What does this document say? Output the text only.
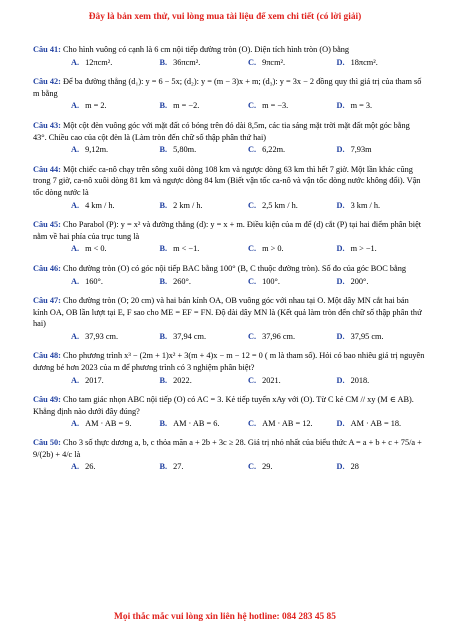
Đây là bản xem thử, vui lòng mua tài liệu để xem chi tiết (có lời giải)
Câu 41: Cho hình vuông có cạnh là 6 cm nội tiếp đường tròn (O). Diện tích hình tròn (O) bằng
A. 12πcm².	B. 36πcm².	C. 9πcm².	D. 18πcm².
Câu 42: Để ba đường thẳng (d₁): y = 6 − 5x; (d₂): y = (m − 3)x + m; (d₃): y = 3x − 2 đồng quy thì giá trị của tham số m bằng
A. m = 2.	B. m = −2.	C. m = −3.	D. m = 3.
Câu 43: Một cột đèn vuông góc với mặt đất có bóng trên đó dài 8,5m, các tia sáng mặt trời mặt đất một góc bằng 43°. Chiều cao của cột đèn là (Làm tròn đến chữ số thập phân thứ hai)
A. 9,12m.	B. 5,80m.	C. 6,22m.	D. 7,93m
Câu 44: Một chiếc ca-nô chạy trên sông xuôi dòng 108 km và ngược dòng 63 km thì hết 7 giờ. Một lần khác cũng trong 7 giờ, ca-nô xuôi dòng 81 km và ngược dòng 84 km (Biết vận tốc ca-nô và vận tốc dòng nước không đổi). Vận tốc dòng nước là
A. 4 km / h.	B. 2 km / h.	C. 2,5 km / h.	D. 3 km / h.
Câu 45: Cho Parabol (P): y = x² và đường thẳng (d): y = x + m. Điều kiện của m để (d) cắt (P) tại hai điểm phân biệt nằm về hai phía của trục tung là
A. m < 0.	B. m < −1.	C. m > 0.	D. m > −1.
Câu 46: Cho đường tròn (O) có góc nội tiếp BAC bằng 100° (B, C thuộc đường tròn). Số đo của góc BOC bằng
A. 160°.	B. 260°.	C. 100°.	D. 200°.
Câu 47: Cho đường tròn (O; 20 cm) và hai bán kính OA, OB vuông góc với nhau tại O. Một dây MN cắt hai bán kính OA, OB lần lượt tại E, F sao cho ME = EF = FN. Độ dài dây MN là (Kết quả làm tròn đến chữ số thập phân thứ hai)
A. 37,93 cm.	B. 37,94 cm.	C. 37,96 cm.	D. 37,95 cm.
Câu 48: Cho phương trình x³ − (2m + 1)x² + 3(m + 4)x − m − 12 = 0 ( m là tham số). Hỏi có bao nhiêu giá trị nguyên dương bé hơn 2023 của m để phương trình có 3 nghiệm phân biệt?
A. 2017.	B. 2022.	C. 2021.	D. 2018.
Câu 49: Cho tam giác nhọn ABC nội tiếp (O) có AC = 3. Kẻ tiếp tuyến xAy với (O). Từ C kẻ CM // xy (M ∈ AB). Khẳng định nào dưới đây đúng?
A. AM · AB = 9.	B. AM · AB = 6.	C. AM · AB = 12.	D. AM · AB = 18.
Câu 50: Cho 3 số thực dương a, b, c thỏa mãn a + 2b + 3c ≥ 28. Giá trị nhỏ nhất của biểu thức A = a + b + c + 75/a + 9/(2b) + 4/c là
A. 26.	B. 27.	C. 29.	D. 28
Mọi thắc mắc vui lòng xin liên hệ hotline: 084 283 45 85
